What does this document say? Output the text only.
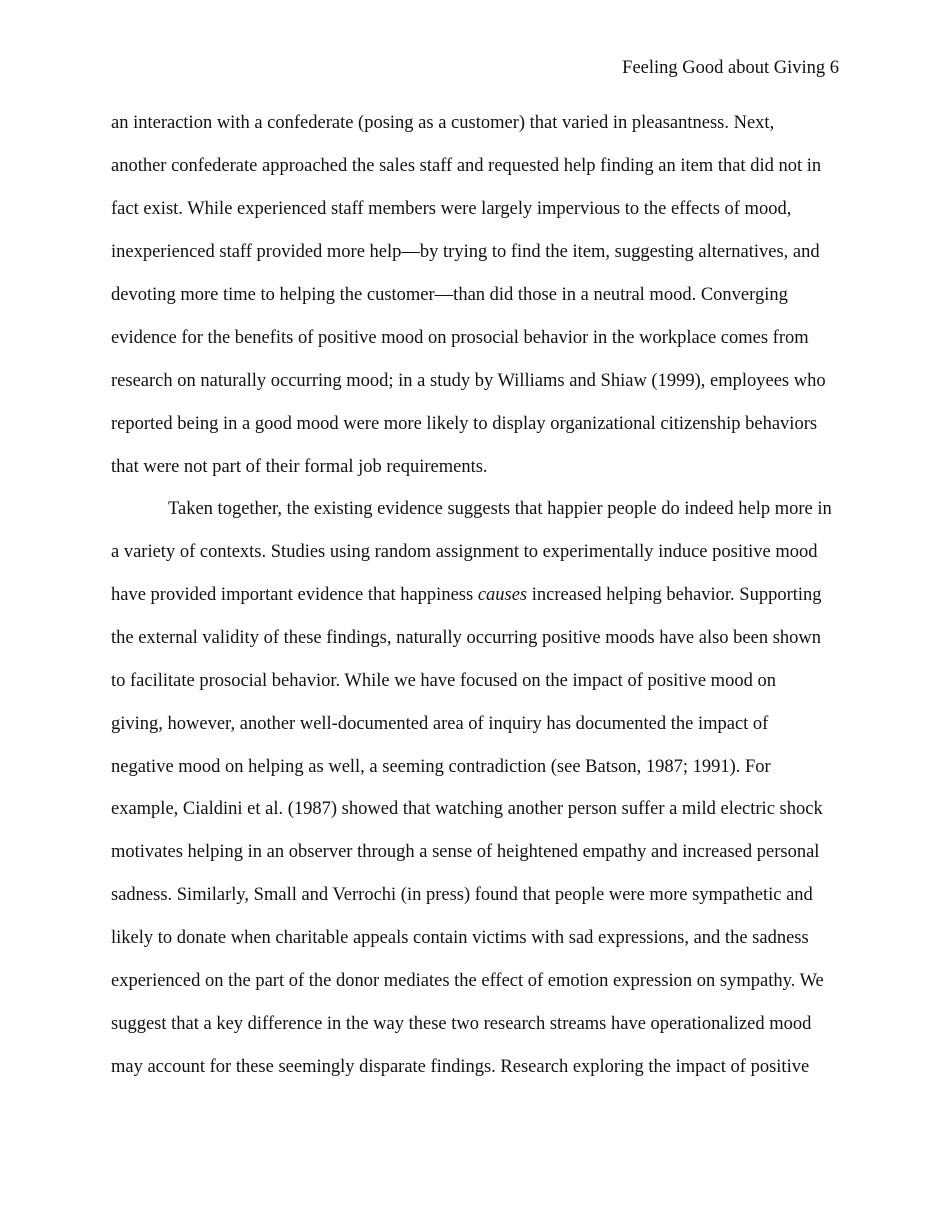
Feeling Good about Giving 6
an interaction with a confederate (posing as a customer) that varied in pleasantness. Next,
another confederate approached the sales staff and requested help finding an item that did not in
fact exist. While experienced staff members were largely impervious to the effects of mood,
inexperienced staff provided more help—by trying to find the item, suggesting alternatives, and
devoting more time to helping the customer—than did those in a neutral mood. Converging
evidence for the benefits of positive mood on prosocial behavior in the workplace comes from
research on naturally occurring mood; in a study by Williams and Shiaw (1999), employees who
reported being in a good mood were more likely to display organizational citizenship behaviors
that were not part of their formal job requirements.
Taken together, the existing evidence suggests that happier people do indeed help more in
a variety of contexts. Studies using random assignment to experimentally induce positive mood
have provided important evidence that happiness causes increased helping behavior. Supporting
the external validity of these findings, naturally occurring positive moods have also been shown
to facilitate prosocial behavior. While we have focused on the impact of positive mood on
giving, however, another well-documented area of inquiry has documented the impact of
negative mood on helping as well, a seeming contradiction (see Batson, 1987; 1991). For
example, Cialdini et al. (1987) showed that watching another person suffer a mild electric shock
motivates helping in an observer through a sense of heightened empathy and increased personal
sadness. Similarly, Small and Verrochi (in press) found that people were more sympathetic and
likely to donate when charitable appeals contain victims with sad expressions, and the sadness
experienced on the part of the donor mediates the effect of emotion expression on sympathy. We
suggest that a key difference in the way these two research streams have operationalized mood
may account for these seemingly disparate findings. Research exploring the impact of positive
